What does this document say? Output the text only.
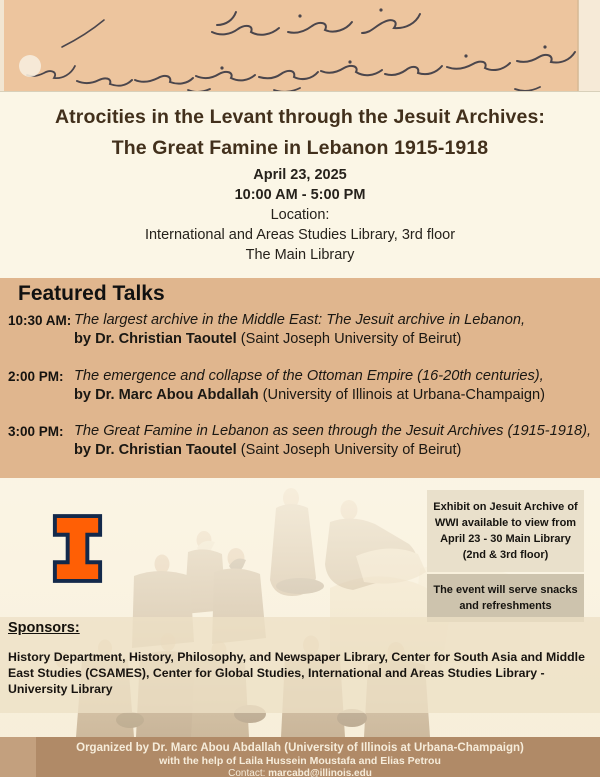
Atrocities in the Levant through the Jesuit Archives:
The Great Famine in Lebanon 1915-1918
April 23, 2025
10:00 AM - 5:00 PM
Location:
International and Areas Studies Library, 3rd floor
The Main Library
Featured Talks
10:30 AM: The largest archive in the Middle East: The Jesuit archive in Lebanon,
by Dr. Christian Taoutel (Saint Joseph University of Beirut)
2:00 PM: The emergence and collapse of the Ottoman Empire (16-20th centuries),
by Dr. Marc Abou Abdallah (University of Illinois at Urbana-Champaign)
3:00 PM: The Great Famine in Lebanon as seen through the Jesuit Archives (1915-1918),
by Dr. Christian Taoutel (Saint Joseph University of Beirut)
Exhibit on Jesuit Archive of WWI available to view from April 23 - 30 Main Library (2nd & 3rd floor)
The event will serve snacks and refreshments
Sponsors:
History Department, History, Philosophy, and Newspaper Library, Center for South Asia and Middle East Studies (CSAMES), Center for Global Studies, International and Areas Studies Library - University Library
Organized by Dr. Marc Abou Abdallah (University of Illinois at Urbana-Champaign)
with the help of Laila Hussein Moustafa and Elias Petrou
Contact: marcabd@illinois.edu
